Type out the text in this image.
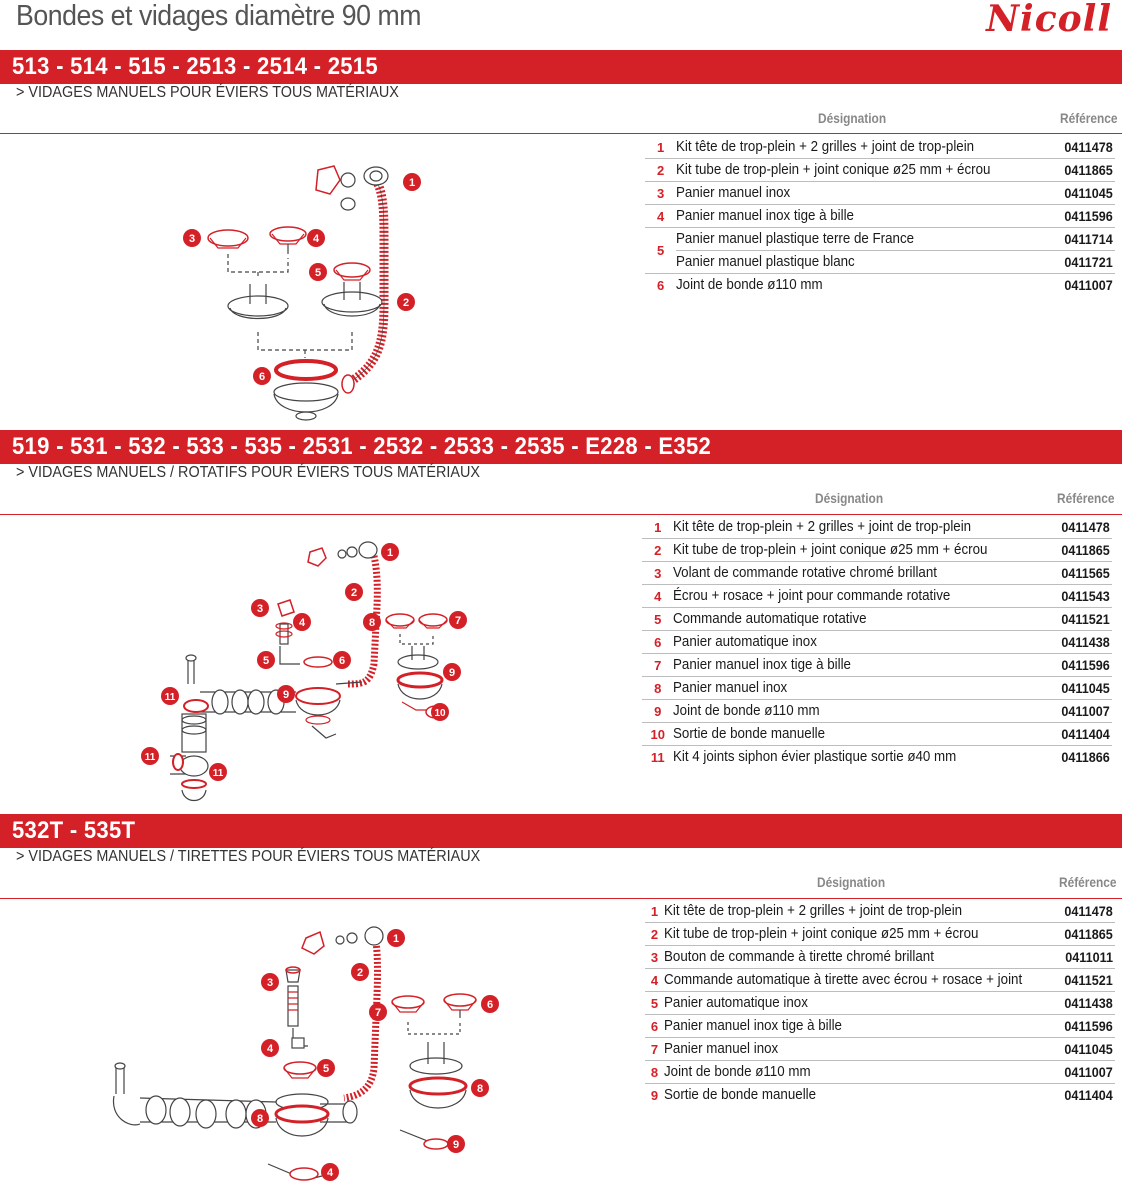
Bondes et vidages diamètre 90 mm	Nicoll
513 - 514 - 515 - 2513 - 2514 - 2515
> VIDAGES MANUELS POUR ÉVIERS TOUS MATÉRIAUX
Désignation	Référence
1	Kit tête de trop-plein + 2 grilles + joint de trop-plein	0411478
2	Kit tube de trop-plein + joint conique ø25 mm + écrou	0411865
3	Panier manuel inox	0411045
4	Panier manuel inox tige à bille	0411596
5	Panier manuel plastique terre de France	0411714
	Panier manuel plastique blanc	0411721
6	Joint de bonde ø110 mm	0411007
1
2
3	4
5
6
519 - 531 - 532 - 533 - 535 - 2531 - 2532 - 2533 - 2535 - E228 - E352
> VIDAGES MANUELS / ROTATIFS POUR ÉVIERS TOUS MATÉRIAUX
Désignation	Référence
1	Kit tête de trop-plein + 2 grilles + joint de trop-plein	0411478
2	Kit tube de trop-plein + joint conique ø25 mm + écrou	0411865
3	Volant de commande rotative chromé brillant	0411565
4	Écrou + rosace + joint pour commande rotative	0411543
5	Commande automatique rotative	0411521
6	Panier automatique inox	0411438
7	Panier manuel inox tige à bille	0411596
8	Panier manuel inox	0411045
9	Joint de bonde ø110 mm	0411007
10	Sortie de bonde manuelle	0411404
11	Kit 4 joints siphon évier plastique sortie ø40 mm	0411866
1
2
3
4
5	6
7
8
9
9
10
11
11
11
532T - 535T
> VIDAGES MANUELS / TIRETTES POUR ÉVIERS TOUS MATÉRIAUX
Désignation	Référence
1	Kit tête de trop-plein + 2 grilles + joint de trop-plein	0411478
2	Kit tube de trop-plein + joint conique ø25 mm + écrou	0411865
3	Bouton de commande à tirette chromé brillant	0411011
4	Commande automatique à tirette avec écrou + rosace + joint	0411521
5	Panier automatique inox	0411438
6	Panier manuel inox tige à bille	0411596
7	Panier manuel inox	0411045
8	Joint de bonde ø110 mm	0411007
9	Sortie de bonde manuelle	0411404
1
2
3
4
4
5
6
7
8
8
9
